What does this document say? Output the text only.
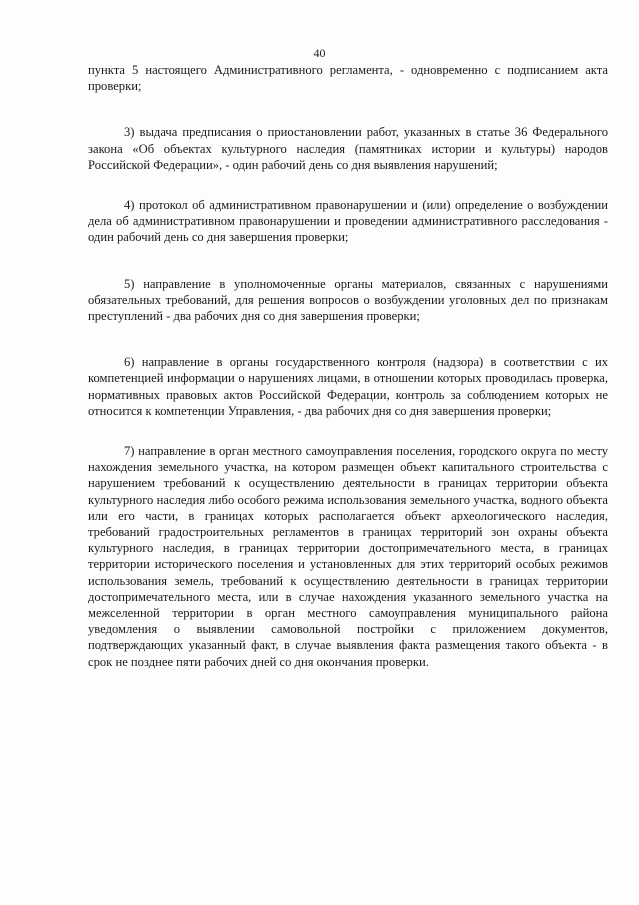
40

пункта 5 настоящего Административного регламента, - одновременно с подписанием акта проверки;

3) выдача предписания о приостановлении работ, указанных в статье 36 Федерального закона «Об объектах культурного наследия (памятниках истории и культуры) народов Российской Федерации», - один рабочий день со дня выявления нарушений;

4) протокол об административном правонарушении и (или) определение о возбуждении дела об административном правонарушении и проведении административного расследования - один рабочий день со дня завершения проверки;

5) направление в уполномоченные органы материалов, связанных с нарушениями обязательных требований, для решения вопросов о возбуждении уголовных дел по признакам преступлений - два рабочих дня со дня завершения проверки;

6) направление в органы государственного контроля (надзора) в соответствии с их компетенцией информации о нарушениях лицами, в отношении которых проводилась проверка, нормативных правовых актов Российской Федерации, контроль за соблюдением которых не относится к компетенции Управления, - два рабочих дня со дня завершения проверки;

7) направление в орган местного самоуправления поселения, городского округа по месту нахождения земельного участка, на котором размещен объект капитального строительства с нарушением требований к осуществлению деятельности в границах территории объекта культурного наследия либо особого режима использования земельного участка, водного объекта или его части, в границах которых располагается объект археологического наследия, требований градостроительных регламентов в границах территорий зон охраны объекта культурного наследия, в границах территории достопримечательного места, в границах территории исторического поселения и установленных для этих территорий особых режимов использования земель, требований к осуществлению деятельности в границах территории достопримечательного места, или в случае нахождения указанного земельного участка на межселенной территории в орган местного самоуправления муниципального района уведомления о выявлении самовольной постройки с приложением документов, подтверждающих указанный факт, в случае выявления факта размещения такого объекта - в срок не позднее пяти рабочих дней со дня окончания проверки.
